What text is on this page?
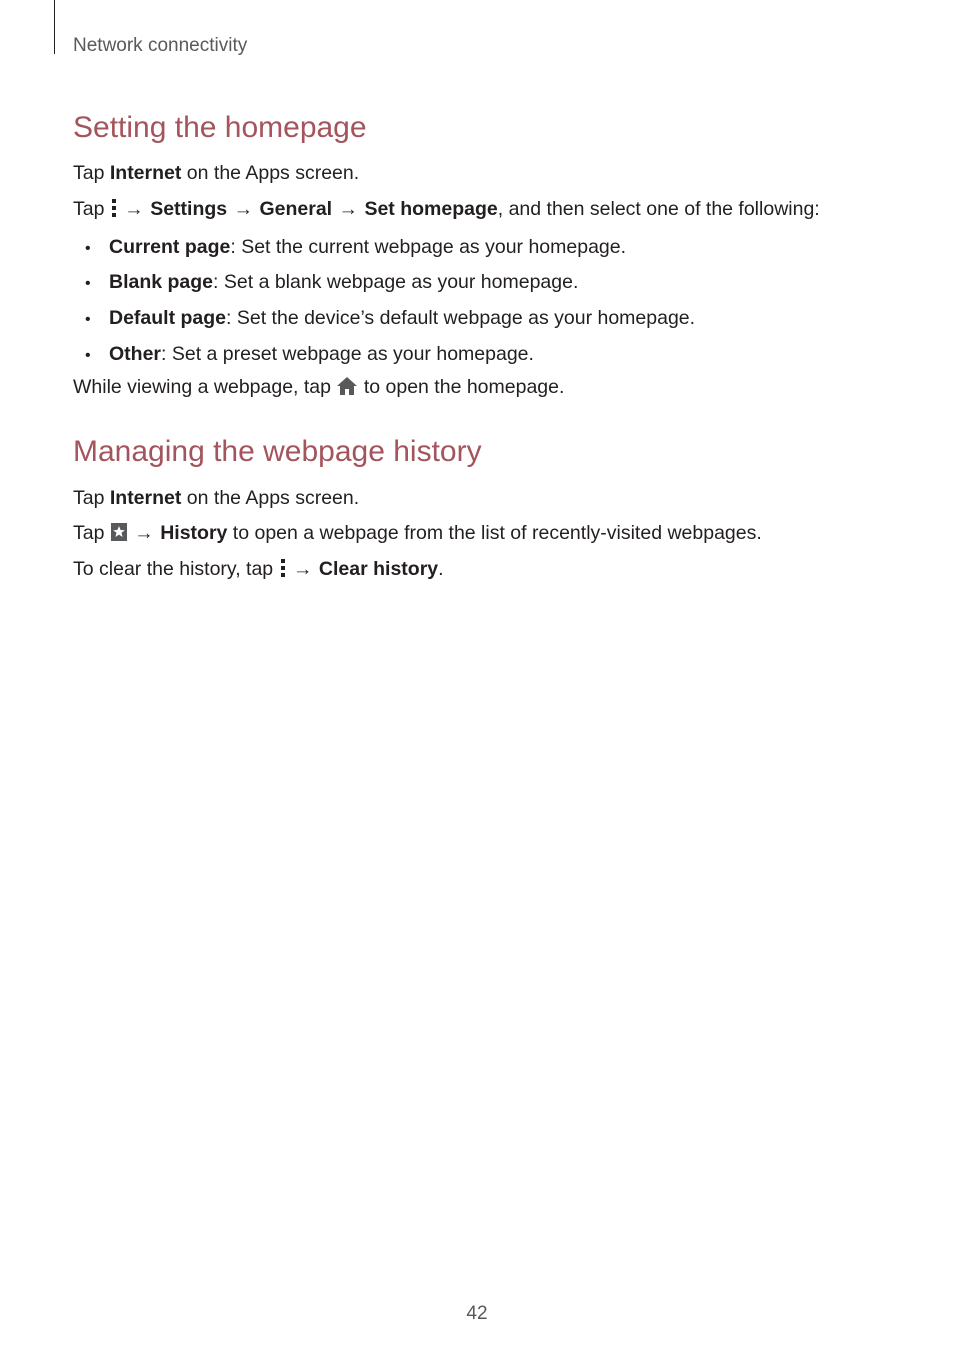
Network connectivity
Setting the homepage

Tap Internet on the Apps screen.

Tap  → Settings → General → Set homepage, and then select one of the following:

• Current page: Set the current webpage as your homepage.
• Blank page: Set a blank webpage as your homepage.
• Default page: Set the device’s default webpage as your homepage.
• Other: Set a preset webpage as your homepage.

While viewing a webpage, tap  to open the homepage.

Managing the webpage history

Tap Internet on the Apps screen.

Tap  → History to open a webpage from the list of recently-visited webpages.

To clear the history, tap  → Clear history.

42
